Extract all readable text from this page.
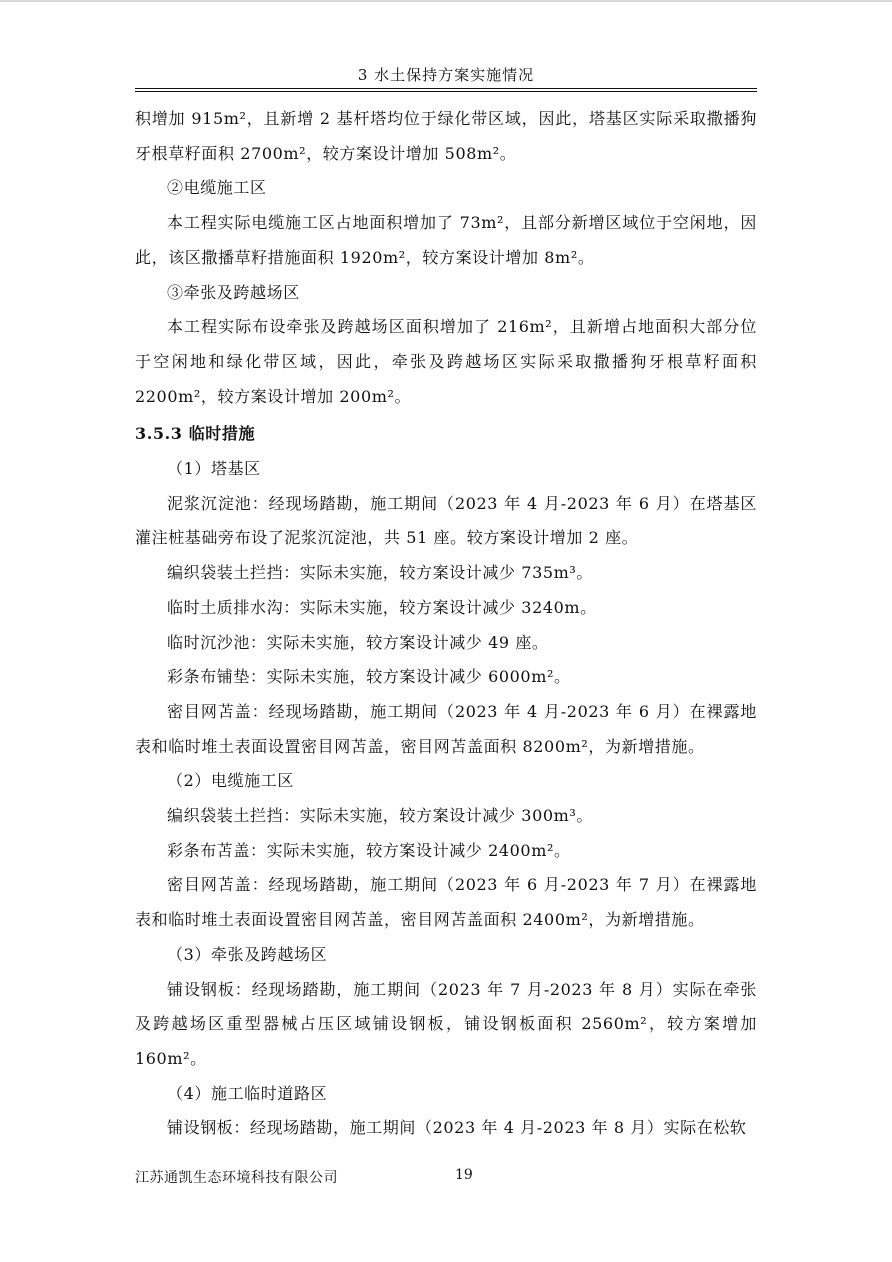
3 水土保持方案实施情况

积增加 915m²，且新增 2 基杆塔均位于绿化带区域，因此，塔基区实际采取撒播狗牙根草籽面积 2700m²，较方案设计增加 508m²。

②电缆施工区

本工程实际电缆施工区占地面积增加了 73m²，且部分新增区域位于空闲地，因此，该区撒播草籽措施面积 1920m²，较方案设计增加 8m²。

③牵张及跨越场区

本工程实际布设牵张及跨越场区面积增加了 216m²，且新增占地面积大部分位于空闲地和绿化带区域，因此，牵张及跨越场区实际采取撒播狗牙根草籽面积 2200m²，较方案设计增加 200m²。

3.5.3 临时措施

（1）塔基区

泥浆沉淀池：经现场踏勘，施工期间（2023 年 4 月-2023 年 6 月）在塔基区灌注桩基础旁布设了泥浆沉淀池，共 51 座。较方案设计增加 2 座。

编织袋装土拦挡：实际未实施，较方案设计减少 735m³。

临时土质排水沟：实际未实施，较方案设计减少 3240m。

临时沉沙池：实际未实施，较方案设计减少 49 座。

彩条布铺垫：实际未实施，较方案设计减少 6000m²。

密目网苫盖：经现场踏勘，施工期间（2023 年 4 月-2023 年 6 月）在裸露地表和临时堆土表面设置密目网苫盖，密目网苫盖面积 8200m²，为新增措施。

（2）电缆施工区

编织袋装土拦挡：实际未实施，较方案设计减少 300m³。

彩条布苫盖：实际未实施，较方案设计减少 2400m²。

密目网苫盖：经现场踏勘，施工期间（2023 年 6 月-2023 年 7 月）在裸露地表和临时堆土表面设置密目网苫盖，密目网苫盖面积 2400m²，为新增措施。

（3）牵张及跨越场区

铺设钢板：经现场踏勘，施工期间（2023 年 7 月-2023 年 8 月）实际在牵张及跨越场区重型器械占压区域铺设钢板，铺设钢板面积 2560m²，较方案增加 160m²。

（4）施工临时道路区

铺设钢板：经现场踏勘，施工期间（2023 年 4 月-2023 年 8 月）实际在松软

江苏通凯生态环境科技有限公司	19
